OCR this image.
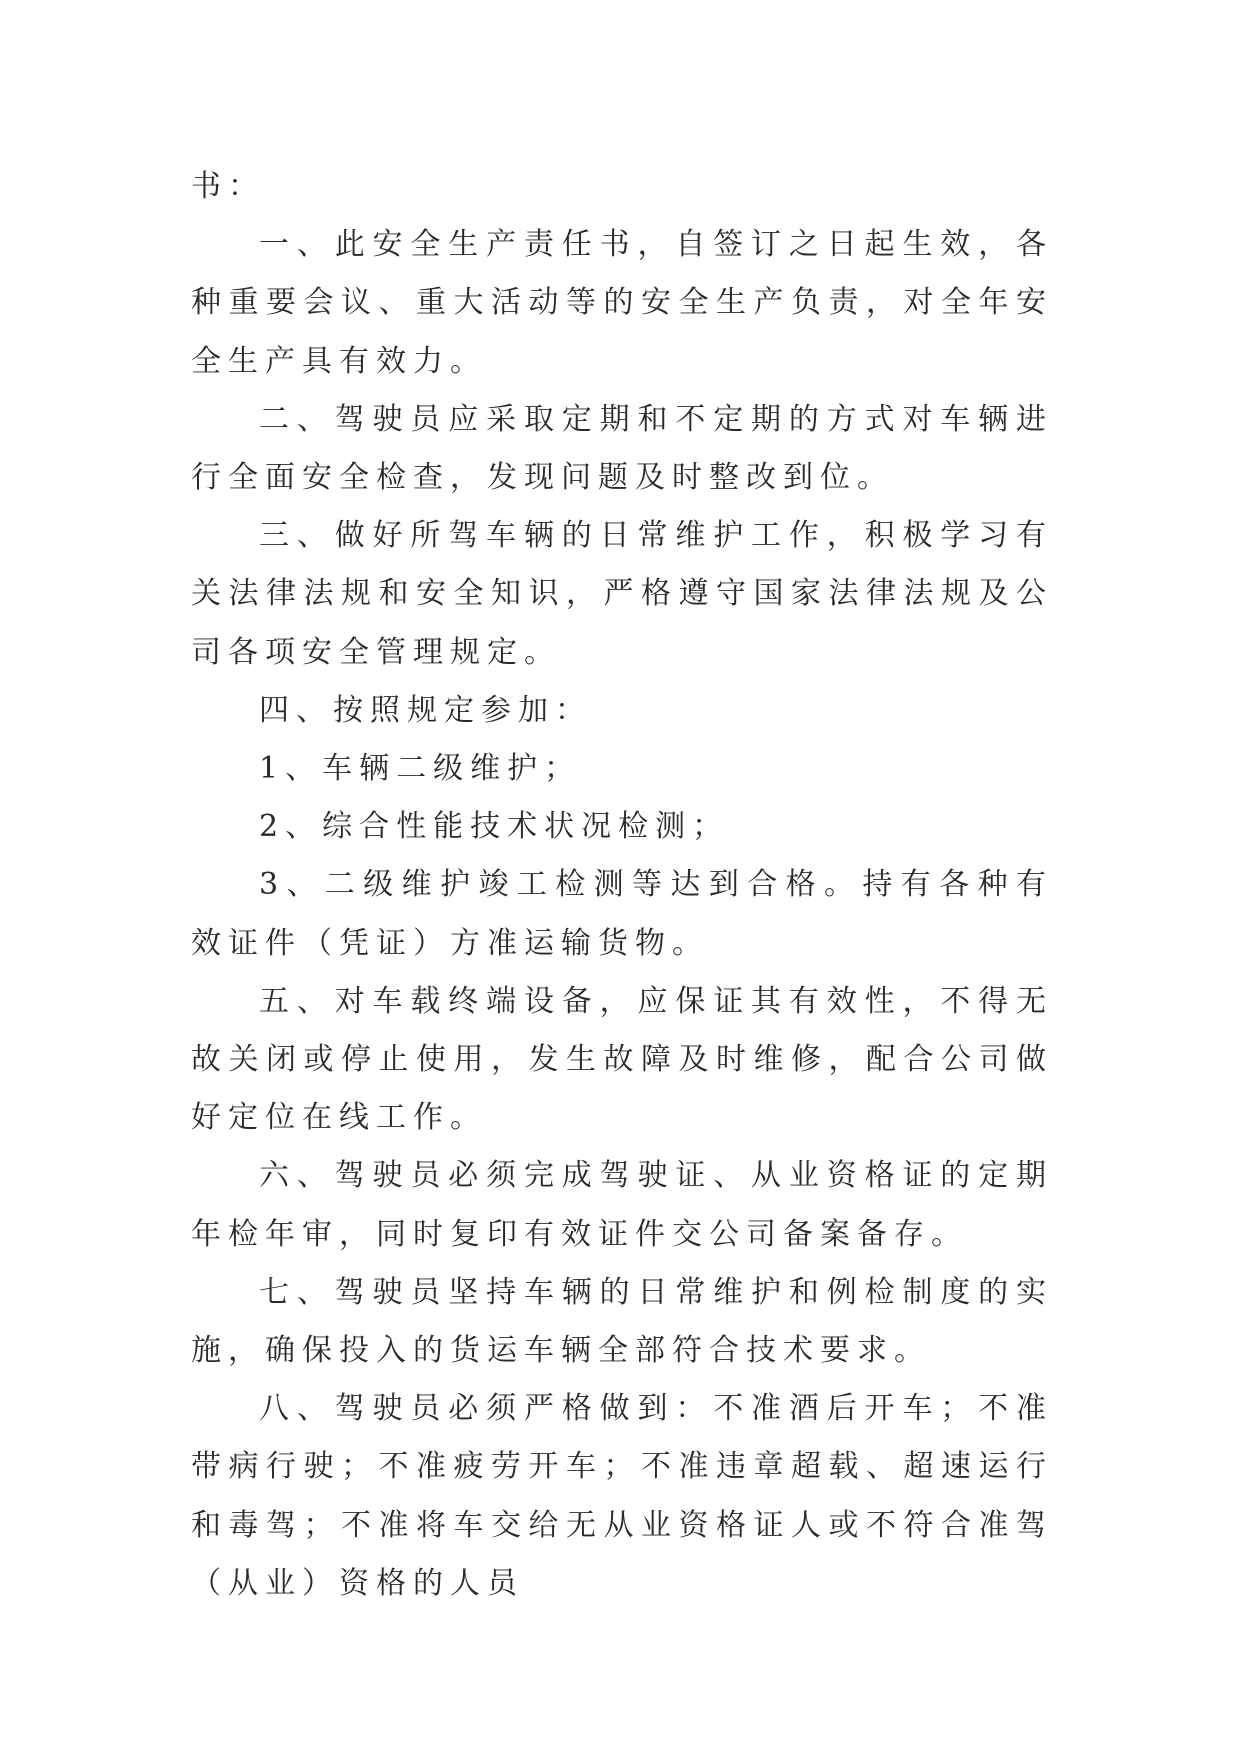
书：

一、此安全生产责任书，自签订之日起生效，各种重要会议、重大活动等的安全生产负责，对全年安全生产具有效力。

二、驾驶员应采取定期和不定期的方式对车辆进行全面安全检查，发现问题及时整改到位。

三、做好所驾车辆的日常维护工作，积极学习有关法律法规和安全知识，严格遵守国家法律法规及公司各项安全管理规定。

四、按照规定参加：

1、车辆二级维护；

2、综合性能技术状况检测；

3、二级维护竣工检测等达到合格。持有各种有效证件（凭证）方准运输货物。

五、对车载终端设备，应保证其有效性，不得无故关闭或停止使用，发生故障及时维修，配合公司做好定位在线工作。

六、驾驶员必须完成驾驶证、从业资格证的定期年检年审，同时复印有效证件交公司备案备存。

七、驾驶员坚持车辆的日常维护和例检制度的实施，确保投入的货运车辆全部符合技术要求。

八、驾驶员必须严格做到：不准酒后开车；不准带病行驶；不准疲劳开车；不准违章超载、超速运行和毒驾；不准将车交给无从业资格证人或不符合准驾（从业）资格的人员
